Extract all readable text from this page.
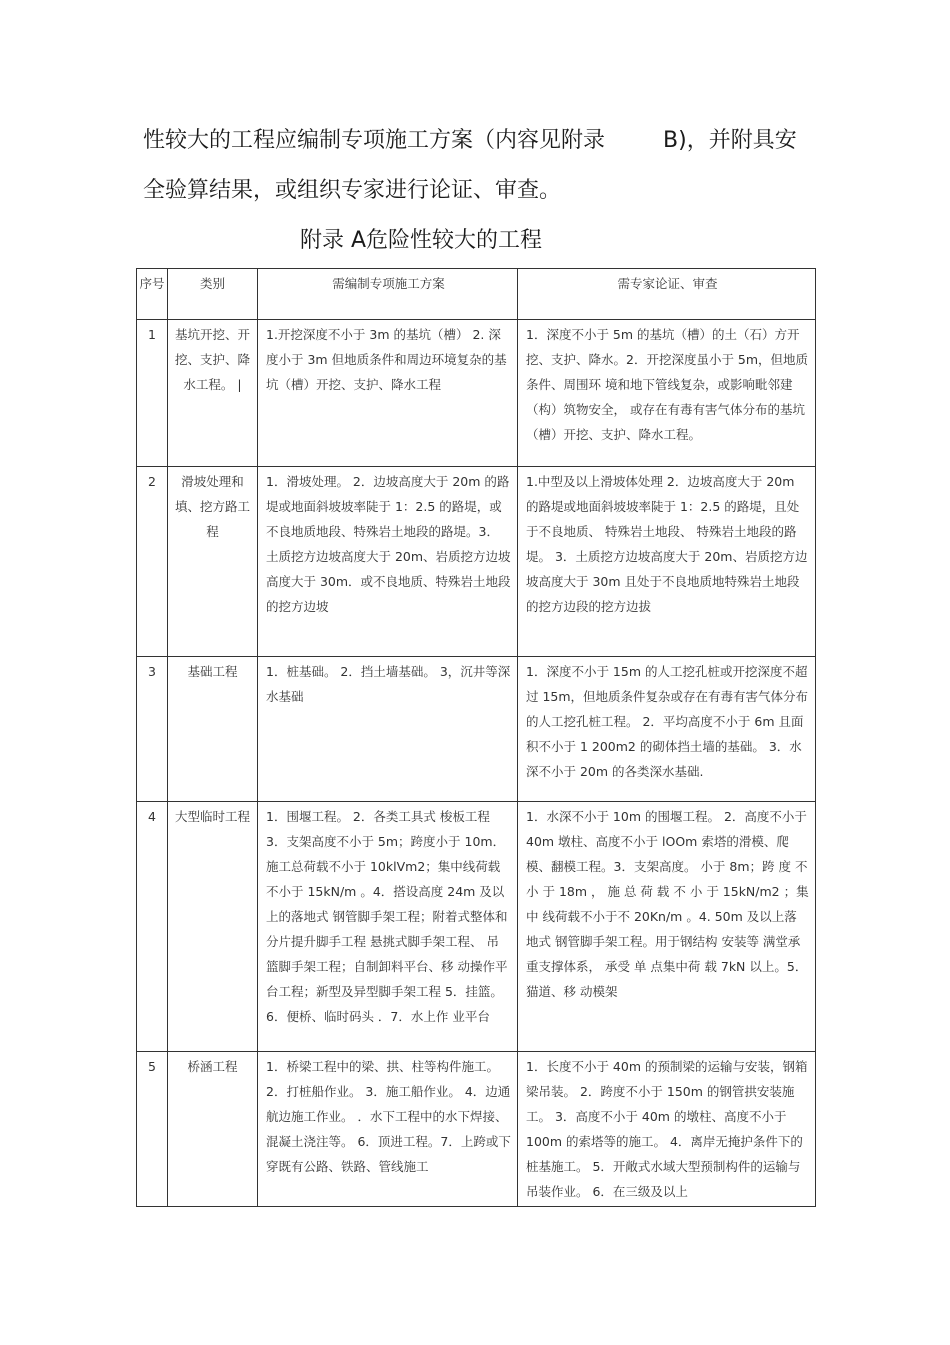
性较大的工程应编制专项施工方案（内容见附录	B)，并附具安
全验算结果，或组织专家进行论证、审查。
附录 A危险性较大的工程
序号	类别	需编制专项施工方案	需专家论证、审查
1	基坑开挖、开挖、支护、降水工程。 |	1.开挖深度不小于 3m 的基坑（槽） 2. 深度小于 3m 但地质条件和周边环境复杂的基坑（槽）开挖、支护、降水工程	1．深度不小于 5m 的基坑（槽）的土（石）方开挖、支护、降水。2．开挖深度虽小于 5m，但地质条件、周围环 境和地下管线复杂，或影响毗邻建 （构）筑物安全， 或存在有毒有害气体分布的基坑（槽）开挖、支护、降水工程。
2	滑坡处理和填、挖方路工程	1．滑坡处理。 2．边坡高度大于 20m 的路堤或地面斜坡坡率陡于 1：2.5 的路堤，或不良地质地段、特殊岩土地段的路堤。3．土质挖方边坡高度大于 20m、岩质挖方边坡高度大于 30m．或不良地质、特殊岩土地段的挖方边坡	1.中型及以上滑坡体处理 2．边坡高度大于 20m 的路堤或地面斜坡坡率陡于 1：2.5 的路堤，且处于不良地质、 特殊岩土地段、 特殊岩土地段的路堤。 3．土质挖方边坡高度大于 20m、岩质挖方边 坡高度大于 30m 且处于不良地质地特殊岩土地段的挖方边段的挖方边拔
3	基础工程	1．桩基础。 2．挡土墙基础。 3，沉井等深水基础	1．深度不小于 15m 的人工挖孔桩或开挖深度不超过 15m，但地质条件复杂或存在有毒有害气体分布的人工挖孔桩工程。 2．平均高度不小于 6m 且面积不小于 1 200m2 的砌体挡土墙的基础。 3．水深不小于 20m 的各类深水基础.
4	大型临时工程	1．围堰工程。 2．各类工具式 梭板工程 3．支架高度不小于 5m；跨度小于 10m．施工总荷载不小于 10klVm2；集中线荷载不小于 15kN/m 。4．搭设高度 24m 及以上的落地式 钢管脚手架工程；附着式整体和分片提升脚手工程 悬挑式脚手架工程、 吊篮脚手架工程；自制卸料平台、移 动操作平台工程；新型及异型脚手架工程 5．挂篮。6．便桥、临时码头 ．7．水上作 业平台	1．水深不小于 10m 的围堰工程。 2．高度不小于 40m 墩柱、高度不小于 lOOm 索塔的滑模、爬模、翻模工程。3．支架高度。 小于 8m；跨 度 不 小 于 18m ， 施 总 荷 载 不 小 于 15kN/m2 ；集中 线荷载不小于不 20Kn/m 。4. 50m 及以上落地式 钢管脚手架工程。用于钢结构 安装等 满堂承重支撑体系， 承受 单 点集中荷 载 7kN 以上。5．猫道、移 动模架
5	桥涵工程	1．桥梁工程中的梁、拱、柱等构件施工。2．打桩船作业。 3．施工船作业。 4．边通航边施工作业。 ．水下工程中的水下焊接、混凝土浇注等。 6．顶进工程。7．上跨或下穿既有公路、铁路、管线施工	1．长度不小于 40m 的预制梁的运输与安装，钢箱梁吊装。 2．跨度不小于 150m 的钢管拱安装施工。 3．高度不小于 40m 的墩柱、高度不小于 100m 的索塔等的施工。 4．离岸无掩护条件下的桩基施工。 5．开敞式水域大型预制构件的运输与吊装作业。 6．在三级及以上
